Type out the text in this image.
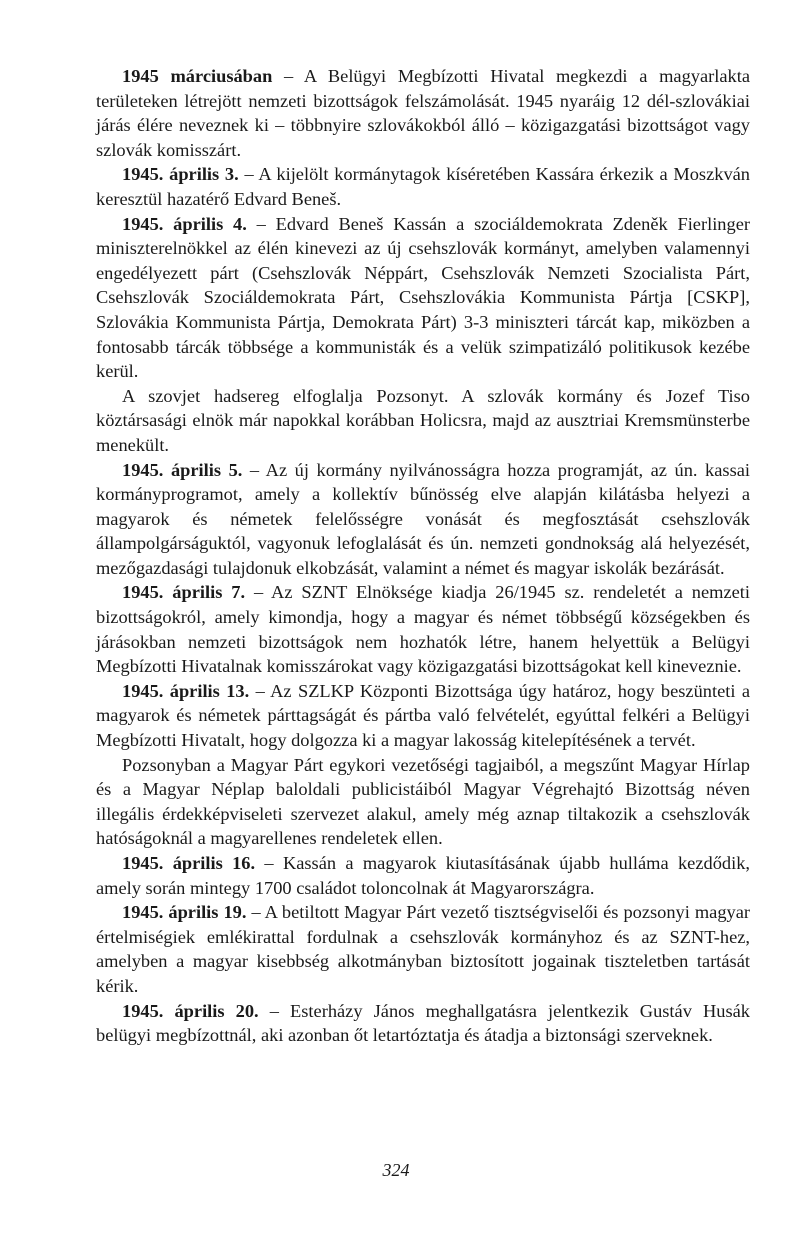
1945 márciusában – A Belügyi Megbízotti Hivatal megkezdi a magyarlakta területeken létrejött nemzeti bizottságok felszámolását. 1945 nyaráig 12 dél-szlovákiai járás élére neveznek ki – többnyire szlovákokból álló – közigazgatási bizottságot vagy szlovák komisszárt.

1945. április 3. – A kijelölt kormánytagok kíséretében Kassára érkezik a Moszkván keresztül hazatérő Edvard Beneš.

1945. április 4. – Edvard Beneš Kassán a szociáldemokrata Zdeněk Fierlinger miniszterelnökkel az élén kinevezi az új csehszlovák kormányt, amelyben valamennyi engedélyezett párt (Csehszlovák Néppárt, Csehszlovák Nemzeti Szocialista Párt, Csehszlovák Szociáldemokrata Párt, Csehszlovákia Kommunista Pártja [CSKP], Szlovákia Kommunista Pártja, Demokrata Párt) 3-3 miniszteri tárcát kap, miközben a fontosabb tárcák többsége a kommunisták és a velük szimpatizáló politikusok kezébe kerül.

A szovjet hadsereg elfoglalja Pozsonyt. A szlovák kormány és Jozef Tiso köztársasági elnök már napokkal korábban Holicsra, majd az ausztriai Kremsmünsterbe menekült.

1945. április 5. – Az új kormány nyilvánosságra hozza programját, az ún. kassai kormányprogramot, amely a kollektív bűnösség elve alapján kilátásba helyezi a magyarok és németek felelősségre vonását és megfosztását csehszlovák állampolgárságuktól, vagyonuk lefoglalását és ún. nemzeti gondnokság alá helyezését, mezőgazdasági tulajdonuk elkobzását, valamint a német és magyar iskolák bezárását.

1945. április 7. – Az SZNT Elnöksége kiadja 26/1945 sz. rendeletét a nemzeti bizottságokról, amely kimondja, hogy a magyar és német többségű községekben és járásokban nemzeti bizottságok nem hozhatók létre, hanem helyettük a Belügyi Megbízotti Hivatalnak komisszárokat vagy közigazgatási bizottságokat kell kineveznie.

1945. április 13. – Az SZLKP Központi Bizottsága úgy határoz, hogy beszünteti a magyarok és németek párttagságát és pártba való felvételét, egyúttal felkéri a Belügyi Megbízotti Hivatalt, hogy dolgozza ki a magyar lakosság kitelepítésének a tervét.

Pozsonyban a Magyar Párt egykori vezetőségi tagjaiból, a megszűnt Magyar Hírlap és a Magyar Néplap baloldali publicistáiból Magyar Végrehajtó Bizottság néven illegális érdekképviseleti szervezet alakul, amely még aznap tiltakozik a csehszlovák hatóságoknál a magyarellenes rendeletek ellen.

1945. április 16. – Kassán a magyarok kiutasításának újabb hulláma kezdődik, amely során mintegy 1700 családot toloncolnak át Magyarországra.

1945. április 19. – A betiltott Magyar Párt vezető tisztségviselői és pozsonyi magyar értelmiségiek emlékirattal fordulnak a csehszlovák kormányhoz és az SZNT-hez, amelyben a magyar kisebbség alkotmányban biztosított jogainak tiszteletben tartását kérik.

1945. április 20. – Esterházy János meghallgatásra jelentkezik Gustáv Husák belügyi megbízottnál, aki azonban őt letartóztatja és átadja a biztonsági szerveknek.

324
